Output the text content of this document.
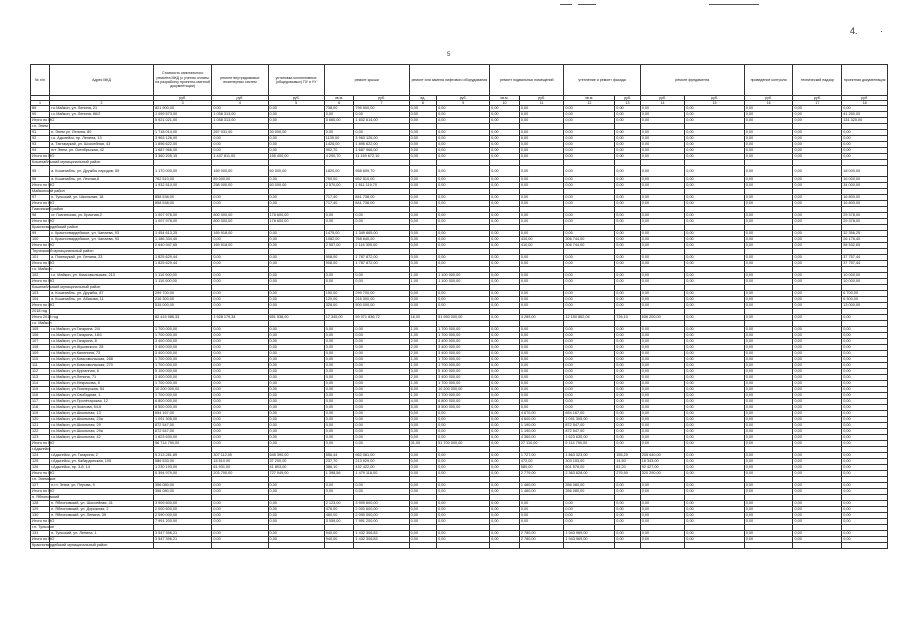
4. ·
5
№ п/п	Адрес МКД	Стоимость капитального ремонта МКД (с учетом оплаты на разработку проектно-сметной документации)	ремонт внутридомовых инженерных систем	установка коллективных (общедомовых) ПУ и УУ	ремонт крыши		ремонт или замена лифтового оборудования		ремонт подвальных помещений		утепление и ремонт фасада		ремонт фундамента		проведение контроля	технический надзор	проектная документация
		руб.	руб.	руб.	кв.м.	руб.	ед.	руб.	кв.м.	руб.	кв.м.	руб.	руб.	руб.	руб.	руб.	руб.
1	2	3	4	5	6	7	8	9	10	11	12	13	14	15	16	17	18
89	г.о.Майкоп, ул. Ленина, 21	821 900,00	0,00	0,00	738,00	795 500,00	0,00	0,00	0,00	0,00	0,00	0,00	0,00	0,00	0,00	0,00	0,00
90	г.о.Майкоп, ул. Ленина, 86/2	1 099 573,00	1 058 313,00	0,00	0,00	0,00	0,00	0,00	0,00	0,00	0,00	0,00	0,00	0,00	0,00	0,00	41 260,00
Итого по МО		5 921 021,00	1 058 313,00	0,00	3 660,00	1 602 614,00	0,00	0,00	0,00	0,00	0,00	0,00	0,00	0,00	0,00	0,00	131 320,00
г.п. Энем																	
91	п. Энем ул. Ленина, 80	1 718 014,00	267 031,00	30 000,00	0,00	0,00	0,00	0,00	0,00	0,00	0,00	0,00	0,00	0,00	0,00	0,00	0,00
92	г.о. Адыгейск, пр. Ленина, 13	3 963 126,00	0,00	0,00	1135,00	3 963 126,00	0,00	0,00	0,00	0,00	0,00	0,00	0,00	0,00	0,00	0,00	0,00
93	а. Тахтамукай, ул. Шоссейная, 43	1 896 622,00	0,00	0,00	1426,00	1 896 622,00	0,00	0,00	0,00	0,00	0,00	0,00	0,00	0,00	0,00	0,00	0,00
94	пгт Энем, ул. Октябрьская, 42	1 687 966,00	0,00	0,00	902,70	1 687 966,00	0,00	0,00	0,00	0,00	0,00	0,00	0,00	0,00	0,00	0,00	0,00
Итого по МО		3 360 205,15	1 447 811,00	155 400,00	4 290,70	11 159 672,10	0,00	0,00	0,00	0,00	0,00	0,00	0,00	0,00	0,00	0,00	0,00
Кошехабльский муниципальный район																	
95	а. Кошехабль, ул. Дружбы народов, 55	1 170 000,00	169 000,00	60 000,00	1820,00	958 609,70	0,00	0,00	0,00	0,00	0,00	0,00	0,00	0,00	0,00	0,00	18 000,00
96	а. Кошехабль, ул. Лесная,8	762 510,00	89 000,00	0,00	750,00	652 510,00	0,00	0,00	0,00	0,00	0,00	0,00	0,00	0,00	0,00	0,00	16 000,00
Итого по МО		1 932 510,00	258 000,00	60 000,00	2 570,00	1 611 119,70	0,00	0,00	0,00	0,00	0,00	0,00	0,00	0,00	0,00	0,00	34 000,00
Майкопский район																	
97	п. Тульский, ул. Школьная, 18	858 538,00	0,00	0,00	717,40	841 738,00	0,00	0,00	0,00	0,00	0,00	0,00	0,00	0,00	0,00	0,00	16 800,00
Итого по МО		858 538,00	0,00	0,00	717,40	841 738,00	0,00	0,00	0,00	0,00	0,00	0,00	0,00	0,00	0,00	0,00	16 800,00
Гиагинский район																	
98	ст. Гиагинская, ул. Красная,2	1 007 978,00	800 000,00	178 600,00	0,00	0,00	0,00	0,00	0,00	0,00	0,00	0,00	0,00	0,00	0,00	0,00	29 378,00
Итого по МО		1 007 978,00	800 000,00	178 600,00	0,00	0,00	0,00	0,00	0,00	0,00	0,00	0,00	0,00	0,00	0,00	0,00	29 378,00
Красногвардейский район																	
99	с. Красногвардейское, ул. Чапаева, 93	1 454 613,25	169 918,00	0,00	1475,00	1 349 665,00	0,00	0,00	0,00	0,00	0,00	0,00	0,00	0,00	0,00	0,00	32 356,25
100	с. Красногвардейское, ул. Чапаева, 93	1 186 334,40	0,00	0,00	1082,00	768 640,00	0,00	0,00	0,00	410,00	306 744,00	0,00	0,00	0,00	0,00	0,00	26 176,40
Итого по МО		2 640 947,65	169 918,00	0,00	2 557,00	2 118 305,00	0,00	0,00	0,00	410,00	306 744,00	0,00	0,00	0,00	0,00	0,00	58 532,65
Теучежский муниципальный район																	
101	а. Понежукай, ул. Ленина, 23	1 825 629,44	0,00	0,00	908,00	1 787 872,00	0,00	0,00	0,00	0,00	0,00	0,00	0,00	0,00	0,00	0,00	37 757,44
Итого по МО		1 825 629,44	0,00	0,00	908,00	1 787 872,00	0,00	0,00	0,00	0,00	0,00	0,00	0,00	0,00	0,00	0,00	37 757,44
г.о. Майкоп																	
102	г.о. Майкоп, ул. Комсомольская, 213	1 110 000,00	0,00	0,00	0,00	0,00	1,00	1 100 000,00	0,00	0,00	0,00	0,00	0,00	0,00	0,00	0,00	10 000,00
Итого по МО		1 110 000,00	0,00	0,00	0,00	0,00	1,00	1 100 000,00	0,00	0,00	0,00	0,00	0,00	0,00	0,00	0,00	10 000,00
Кошехабльский муниципальный район																	
103	а. Кошехабль, ул. Дружбы, 87	299 700,00	0,00	0,00	150,00	299 700,00	0,00	0,00	0,00	0,00	0,00	0,00	0,00	0,00	0,00	0,00	6 700,00
104	а. Кошехабль, ул. Абазова, 11	216 300,00	0,00	0,00	120,00	216 300,00	0,00	0,00	0,00	0,00	0,00	0,00	0,00	0,00	0,00	0,00	6 300,00
Итого по МО		515 000,00	0,00	0,00	328,00	500 000,00	0,00	0,00	0,00	0,00	0,00	0,00	0,00	0,00	0,00	0,00	13 000,00
2018 год																	
Итого 2018 год		82 415 986,33	1 928 179,34	651 538,00	17 345,00	59 071 836,72	16,00	51 950 000,00	0,00	3 289,00	12 150 862,04	726,10	636 200,00	0,00	0,00	0,00	0,00
г.о. Майкоп																	
105	г.о.Майкоп, ул.Гагарина, 2/4	1 700 000,00	0,00	0,00	0,00	0,00	1,00	1 700 000,00	0,00	0,00	0,00	0,00	0,00	0,00	0,00	0,00	0,00
106	г.о.Майкоп, ул.Гагарина, 18/1	1 700 000,00	0,00	0,00	0,00	0,00	1,00	1 700 000,00	0,00	0,00	0,00	0,00	0,00	0,00	0,00	0,00	0,00
107	г.о.Майкоп, ул.Гагарина, 8	3 400 000,00	0,00	0,00	0,00	0,00	2,00	3 400 000,00	0,00	0,00	0,00	0,00	0,00	0,00	0,00	0,00	0,00
108	г.о.Майкоп, ул.Жуковского, 28	3 400 000,00	0,00	0,00	0,00	0,00	2,00	3 400 000,00	0,00	0,00	0,00	0,00	0,00	0,00	0,00	0,00	0,00
109	г.о.Майкоп, ул.Калинина, 73	3 400 000,00	0,00	0,00	0,00	0,00	2,00	3 400 000,00	0,00	0,00	0,00	0,00	0,00	0,00	0,00	0,00	0,00
110	г.о.Майкоп, ул.Комсомольская, 268	1 700 000,00	0,00	0,00	0,00	0,00	1,00	1 700 000,00	0,00	0,00	0,00	0,00	0,00	0,00	0,00	0,00	0,00
111	г.о.Майкоп, ул.Комсомольская, 270	1 700 000,00	0,00	0,00	0,00	0,00	1,00	1 700 000,00	0,00	0,00	0,00	0,00	0,00	0,00	0,00	0,00	0,00
112	г.о.Майкоп, ул.Курганная, 6	5 100 000,00	0,00	0,00	0,00	0,00	3,00	5 100 000,00	0,00	0,00	0,00	0,00	0,00	0,00	0,00	0,00	0,00
113	г.о.Майкоп, ул.Ленина, 71	3 400 000,00	0,00	0,00	0,00	0,00	2,00	3 400 000,00	0,00	0,00	0,00	0,00	0,00	0,00	0,00	0,00	0,00
114	г.о.Майкоп, ул.Некрасова, 6	1 700 000,00	0,00	0,00	0,00	0,00	1,00	1 700 000,00	0,00	0,00	0,00	0,00	0,00	0,00	0,00	0,00	0,00
115	г.о.Майкоп, ул.Пионерская, 54	10 200 000,00	0,00	0,00	0,00	0,00	6,00	10 200 000,00	0,00	0,00	0,00	0,00	0,00	0,00	0,00	0,00	0,00
116	г.о.Майкоп, ул.Свободная, 1	1 700 000,00	0,00	0,00	0,00	0,00	1,00	1 700 000,00	0,00	0,00	0,00	0,00	0,00	0,00	0,00	0,00	0,00
117	г.о.Майкоп, ул.Пролетарская, 12	6 800 000,00	0,00	0,00	0,00	0,00	4,00	6 800 000,00	0,00	0,00	0,00	0,00	0,00	0,00	0,00	0,00	0,00
118	г.о.Майкоп, ул.Чкалова, 54-6	8 500 000,00	0,00	0,00	0,00	0,00	5,00	8 500 000,00	0,00	0,00	0,00	0,00	0,00	0,00	0,00	0,00	0,00
119	г.о.Майкоп, ул.Школьная, 13	654 167,00	0,00	0,00	0,00	0,00	0,00	0,00	0,00	4 670,00	654 167,00	0,00	0,00	0,00	0,00	0,00	0,00
120	г.о.Майкоп, ул.Школьная, 23а	1 091 305,00	0,00	0,00	0,00	0,00	0,00	0,00	0,00	4 600,00	1 091 305,00	0,00	0,00	0,00	0,00	0,00	0,00
121	г.о.Майкоп, ул.Школьная, 29	872 547,00	0,00	0,00	0,00	0,00	0,00	0,00	0,00	1 190,00	872 547,00	0,00	0,00	0,00	0,00	0,00	0,00
122	г.о.Майкоп, ул.Школьная, 29а	872 547,00	0,00	0,00	0,00	0,00	0,00	0,00	0,00	1 190,00	872 547,00	0,00	0,00	0,00	0,00	0,00	0,00
123	г.о.Майкоп, ул.Школьная, 42	1 623 630,00	0,00	0,00	0,00	0,00	0,00	0,00	0,00	4 360,00	1 623 630,00	0,00	0,00	0,00	0,00	0,00	0,00
Итого по МО		56 714 790,00	0,00	0,00	0,00	0,00	31,00	51 700 000,00	0,00	27 110,00	5 114 790,00	0,00	0,00	0,00	0,00	0,00	0,00
г.Адыгейск																	
124	г.Адыгейск, ул. Гагарина, 2	5 213 281,89	307 112,00	645 390,00	856,44	962 081,00	0,00	0,00	0,00	1 727,00	1 863 323,00	155,20	205 440,00	0,00	0,00	0,00	0,00
125	г.Адыгейск, ул. Кабардинская, 105	586 533,00	15 510,00	37 200,00	237,70	213 929,00	0,00	0,00	0,00	472,00	303 153,00	14,50	16 343,00	0,00	0,00	0,00	0,00
126	г.Адыгейск, пр. 3-й, 14	1 230 193,00	61 931,00	41 803,00	386,10	432 422,00	0,00	0,00	0,00	580,00	601 578,00	81,20	92 427,00	0,00	0,00	0,00	0,00
Итого по МО		5 394 979,00	203 700,00	727 049,00	1 398,56	1 479 118,00	0,00	0,00	0,00	2 779,00	2 363 828,00	276,90	320 290,00	0,00	0,00	0,00	0,00
г.п. Энемское																	
127	п.г.т. Энем, ул. Перова, 9	356 080,00	0,00	0,00	0,00	0,00	0,00	0,00	0,00	1 460,00	356 080,00	0,00	0,00	0,00	0,00	0,00	0,00
Итого по МО		356 080,00	0,00	0,00	0,00	0,00	0,00	0,00	0,00	1 460,00	356 080,00	0,00	0,00	0,00	0,00	0,00	0,00
п. Яблоновский																	
128	п. Яблоновский, ул. Шоссейная, 41	3 909 600,00	0,00	0,00	2 123,00	3 909 600,00	0,00	0,00	0,00	0,00	0,00	0,00	0,00	0,00	0,00	0,00	0,00
129	п. Яблоновский, ул. Дорожная, 2	2 000 600,00	0,00	0,00	476,00	2 000 600,00	0,00	0,00	0,00	0,00	0,00	0,00	0,00	0,00	0,00	0,00	0,00
130	п. Яблоновский, ул. Ленина, 39	2 090 000,00	0,00	0,00	460,00	2 090 000,00	0,00	0,00	0,00	0,00	0,00	0,00	0,00	0,00	0,00	0,00	0,00
Итого по МО		7 991 200,00	0,00	0,00	3 059,00	7 991 200,00	0,00	0,00	0,00	0,00	0,00	0,00	0,00	0,00	0,00	0,00	0,00
г.п. Тульское																	
131	п. Тульский, ул. Ленина, 1	3 547 396,21	0,00	0,00	940,00	1 432 306,83	0,00	0,00	0,00	2 780,00	1 943 969,00	0,00	0,00	0,00	0,00	0,00	0,00
Итого по МО		3 547 396,21	0,00	0,00	940,00	1 432 306,83	0,00	0,00	0,00	2 780,00	1 943 969,00	0,00	0,00	0,00	0,00	0,00	0,00
Красногвардейский муниципальный район																	
